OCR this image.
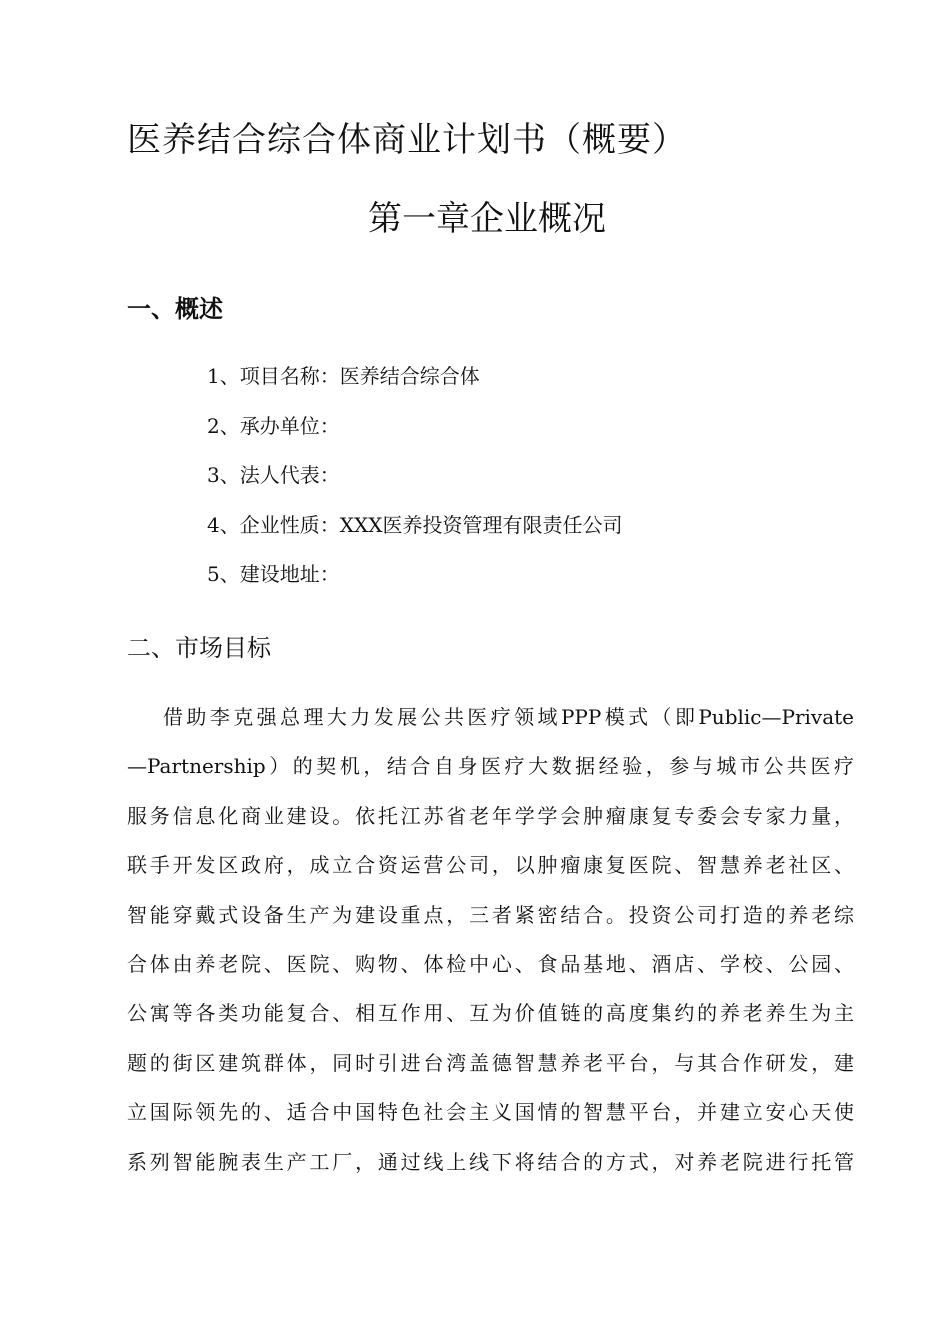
医养结合综合体商业计划书（概要）
第一章企业概况
一、概述
1、项目名称：医养结合综合体
2、承办单位：
3、法人代表：
4、企业性质：XXX医养投资管理有限责任公司
5、建设地址：
二、市场目标
借助李克强总理大力发展公共医疗领域PPP模式（即Public—Private
—Partnership）的契机，结合自身医疗大数据经验，参与城市公共医疗
服务信息化商业建设。依托江苏省老年学学会肿瘤康复专委会专家力量，
联手开发区政府，成立合资运营公司，以肿瘤康复医院、智慧养老社区、
智能穿戴式设备生产为建设重点，三者紧密结合。投资公司打造的养老综
合体由养老院、医院、购物、体检中心、食品基地、酒店、学校、公园、
公寓等各类功能复合、相互作用、互为价值链的高度集约的养老养生为主
题的街区建筑群体，同时引进台湾盖德智慧养老平台，与其合作研发，建
立国际领先的、适合中国特色社会主义国情的智慧平台，并建立安心天使
系列智能腕表生产工厂，通过线上线下将结合的方式，对养老院进行托管
